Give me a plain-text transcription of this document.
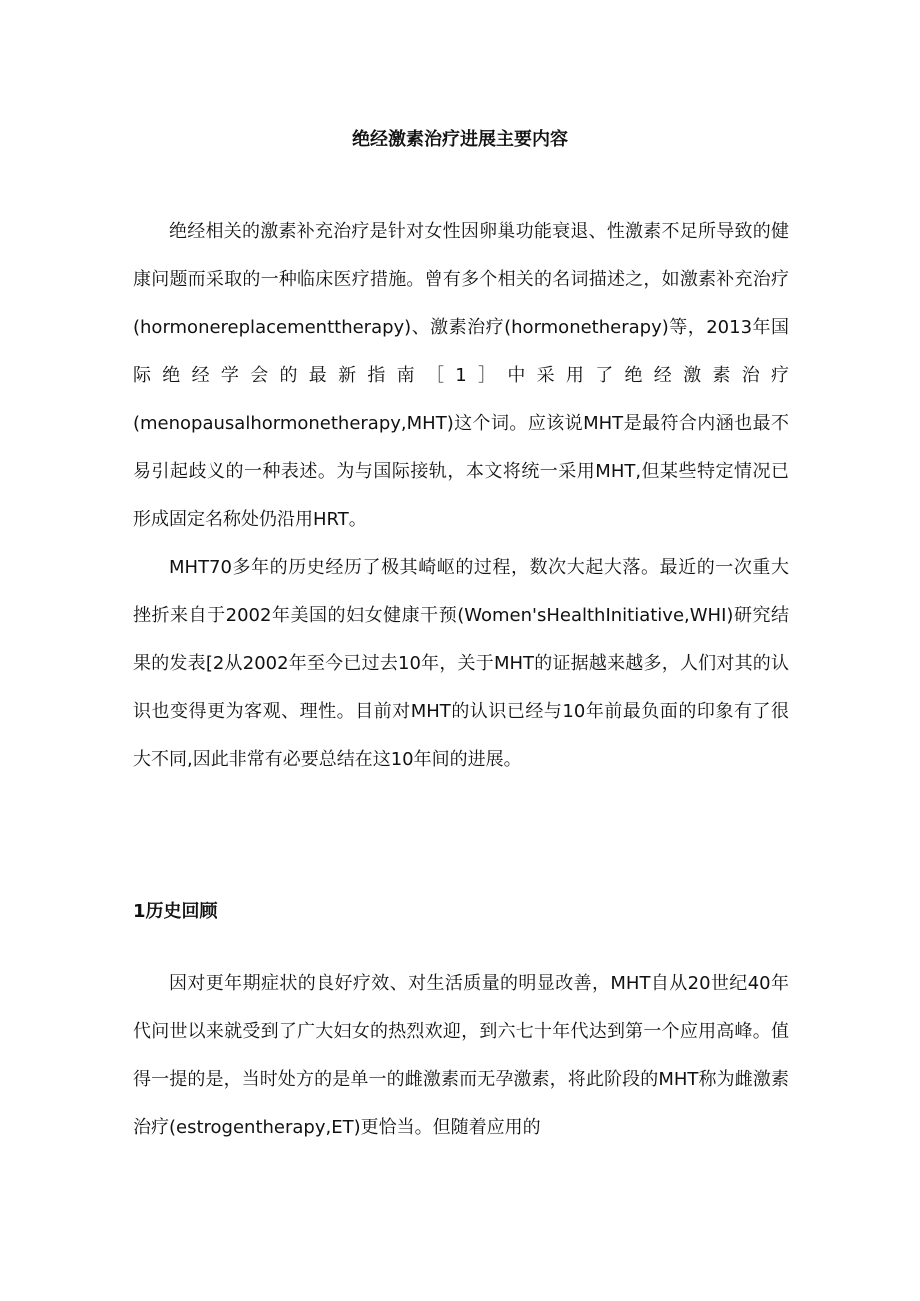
绝经激素治疗进展主要内容

绝经相关的激素补充治疗是针对女性因卵巢功能衰退、性激素不足所导致的健康问题而采取的一种临床医疗措施。曾有多个相关的名词描述之，如激素补充治疗(hormonereplacementtherapy)、激素治疗(hormonetherapy)等，2013年国际绝经学会的最新指南［1］中采用了绝经激素治疗(menopausalhormonetherapy,MHT)这个词。应该说MHT是最符合内涵也最不易引起歧义的一种表述。为与国际接轨，本文将统一采用MHT,但某些特定情况已形成固定名称处仍沿用HRT。

MHT70多年的历史经历了极其崎岖的过程，数次大起大落。最近的一次重大挫折来自于2002年美国的妇女健康干预(Women'sHealthInitiative,WHI)研究结果的发表[2从2002年至今已过去10年，关于MHT的证据越来越多，人们对其的认识也变得更为客观、理性。目前对MHT的认识已经与10年前最负面的印象有了很大不同,因此非常有必要总结在这10年间的进展。

1历史回顾

因对更年期症状的良好疗效、对生活质量的明显改善，MHT自从20世纪40年代问世以来就受到了广大妇女的热烈欢迎，到六七十年代达到第一个应用高峰。值得一提的是，当时处方的是单一的雌激素而无孕激素，将此阶段的MHT称为雌激素治疗(estrogentherapy,ET)更恰当。但随着应用的
